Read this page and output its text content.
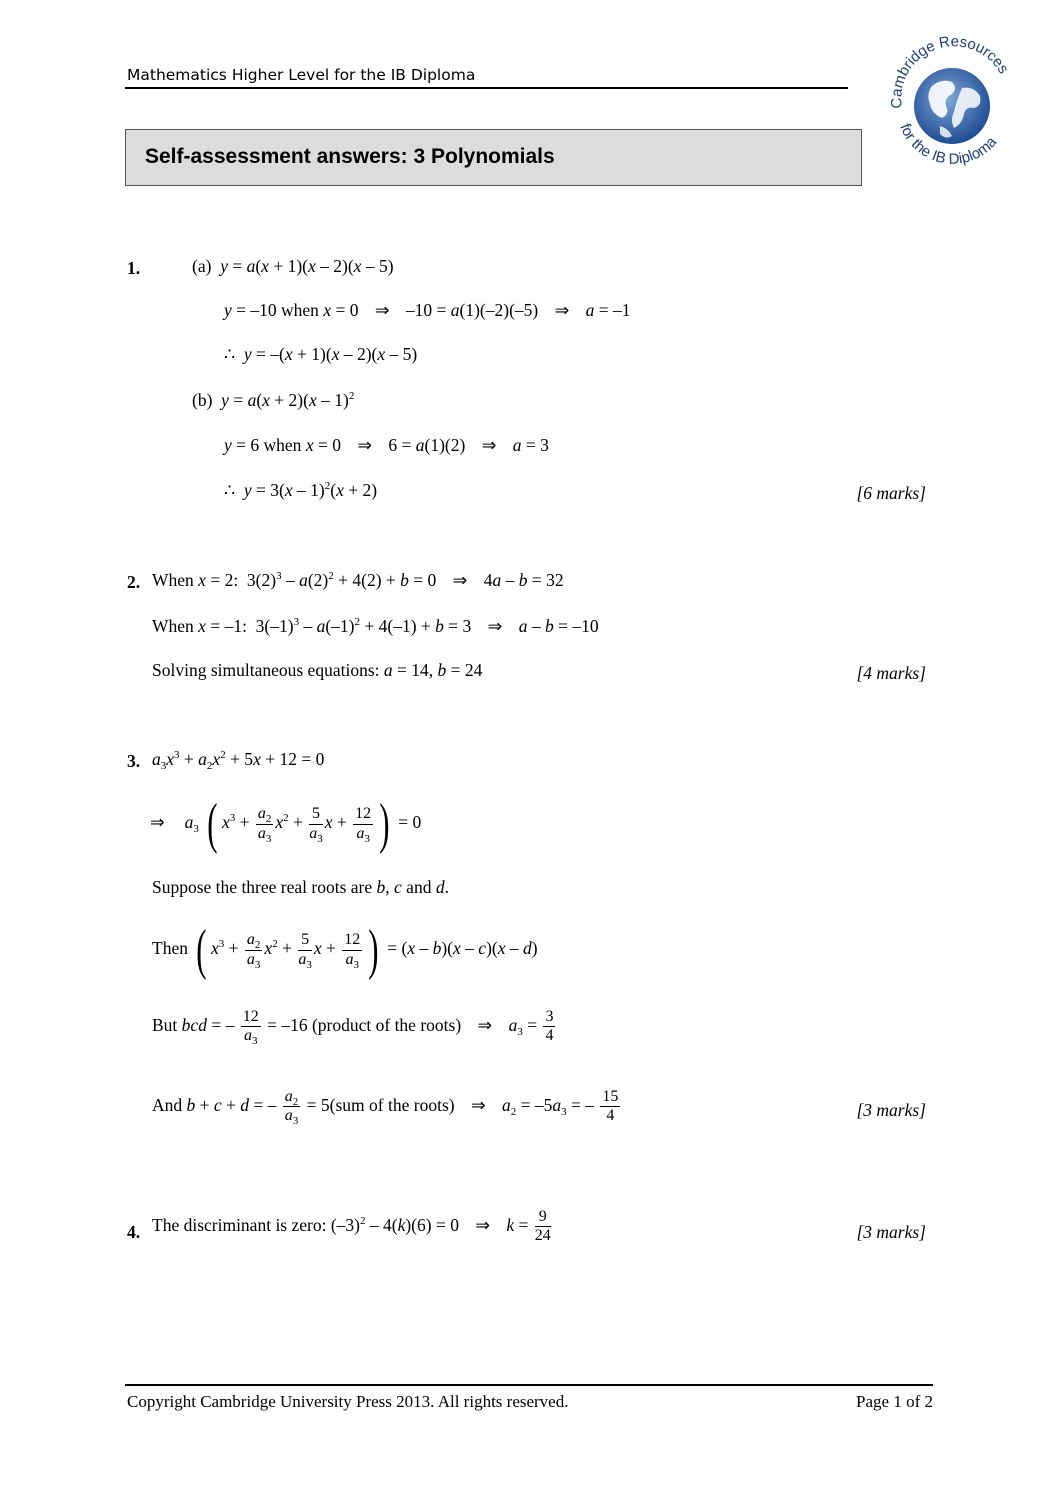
Mathematics Higher Level for the IB Diploma
Self-assessment answers: 3 Polynomials
Cambridge Resources
for the IB Diploma
1.	(a) y = a(x + 1)(x – 2)(x – 5)
y = –10 when x = 0 ⇒ –10 = a(1)(–2)(–5) ⇒ a = –1
∴  y = –(x + 1)(x – 2)(x – 5)
(b) y = a(x + 2)(x – 1)$^2$
y = 6 when x = 0 ⇒ 6 = a(1)(2) ⇒ a = 3
∴  y = 3(x – 1)$^2$(x + 2)	[6 marks]
2. When x = 2:  $3(2)^3 - a(2)^2 + 4(2) + b = 0$ ⇒ 4a – b = 32
When x = –1:  $3(-1)^3 - a(-1)^2 + 4(-1) + b = 3$ ⇒ a – b = –10
Solving simultaneous equations: a = 14, b = 24	[4 marks]
3. $a_3x^3 + a_2x^2 + 5x + 12 = 0$
⇒ $a_3$ ( $x^3 + \frac{a_2}{a_3} x^2 + \frac{5}{a_3}$ $x + \frac{12}{a_3}$ ) = 0
Suppose the three real roots are b, c and d.
Then ( $x^3 + \frac{a_2}{a_3} x^2 + \frac{5}{a_3}$ $x + \frac{12}{a_3}$ ) = (x – b)(x – c)(x – d)
But bcd = – $\frac{12}{a_3} = -16$ (product of the roots) ⇒ $a_3 = \frac{3}{4}$
And b + c + d = – $\frac{a_2}{a_3} = 5(sum$ of the roots) ⇒ $a_2 = -5a_3$ = – $\frac{15}{4}$	[3 marks]
4. The discriminant is zero: $(-3)^2 - 4(k)(6) = 0$ ⇒ $k = \frac{9}{24}$	[3 marks]
Copyright Cambridge University Press 2013. All rights reserved.	Page 1 of 2
